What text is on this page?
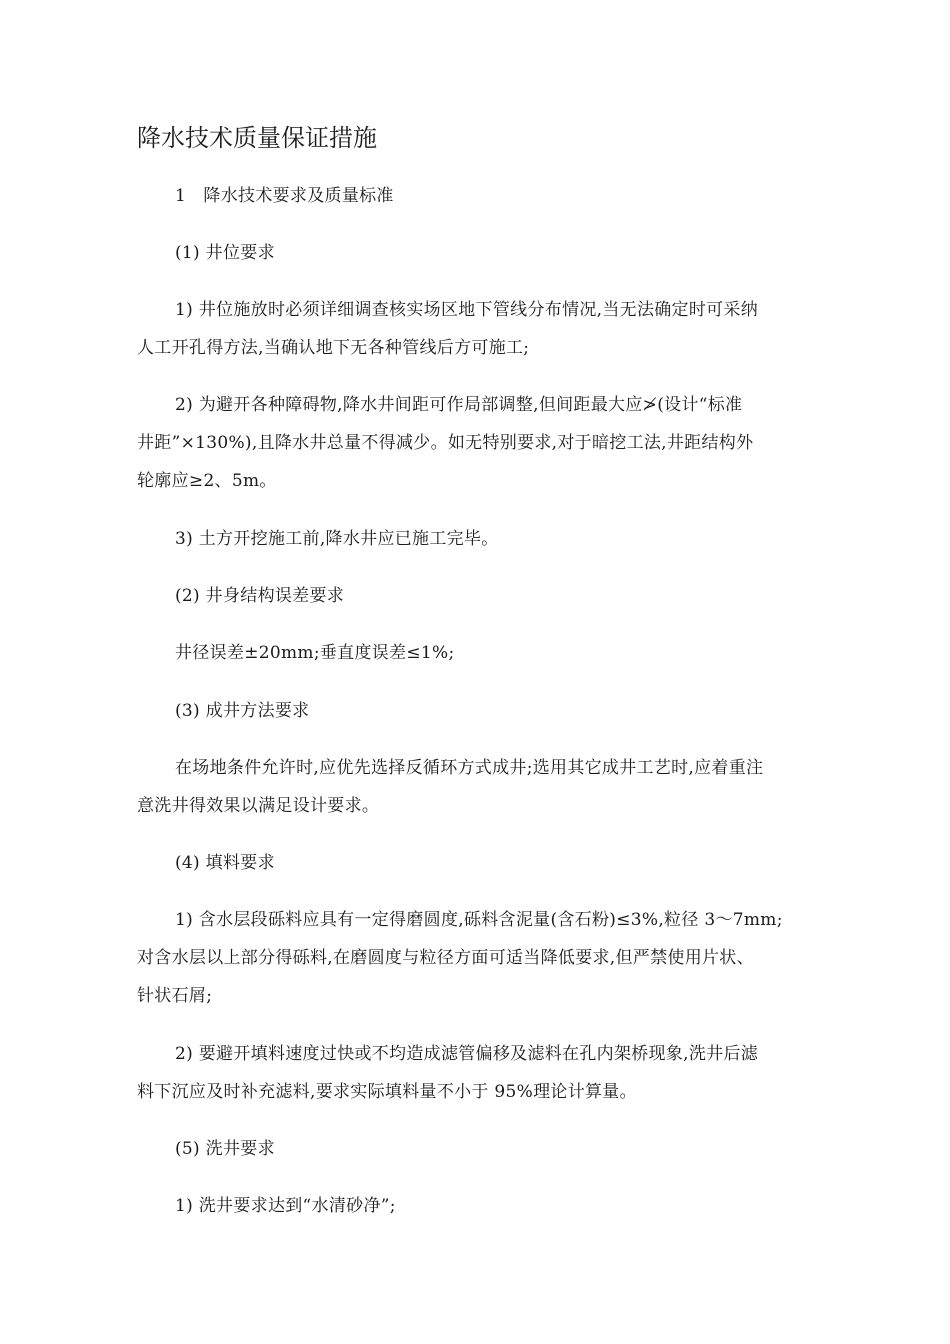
降水技术质量保证措施
1　降水技术要求及质量标准
(1) 井位要求
1) 井位施放时必须详细调查核实场区地下管线分布情况,当无法确定时可采纳
人工开孔得方法,当确认地下无各种管线后方可施工;
2) 为避开各种障碍物,降水井间距可作局部调整,但间距最大应≯(设计“标准
井距”×130%),且降水井总量不得减少。如无特别要求,对于暗挖工法,井距结构外
轮廓应≥2、5m。
3) 土方开挖施工前,降水井应已施工完毕。
(2) 井身结构误差要求
井径误差±20mm;垂直度误差≤1%;
(3) 成井方法要求
在场地条件允许时,应优先选择反循环方式成井;选用其它成井工艺时,应着重注
意洗井得效果以满足设计要求。
(4) 填料要求
1) 含水层段砾料应具有一定得磨圆度,砾料含泥量(含石粉)≤3%,粒径 3～7mm;
对含水层以上部分得砾料,在磨圆度与粒径方面可适当降低要求,但严禁使用片状、
针状石屑;
2) 要避开填料速度过快或不均造成滤管偏移及滤料在孔内架桥现象,洗井后滤
料下沉应及时补充滤料,要求实际填料量不小于 95%理论计算量。
(5) 洗井要求
1) 洗井要求达到“水清砂净”;
